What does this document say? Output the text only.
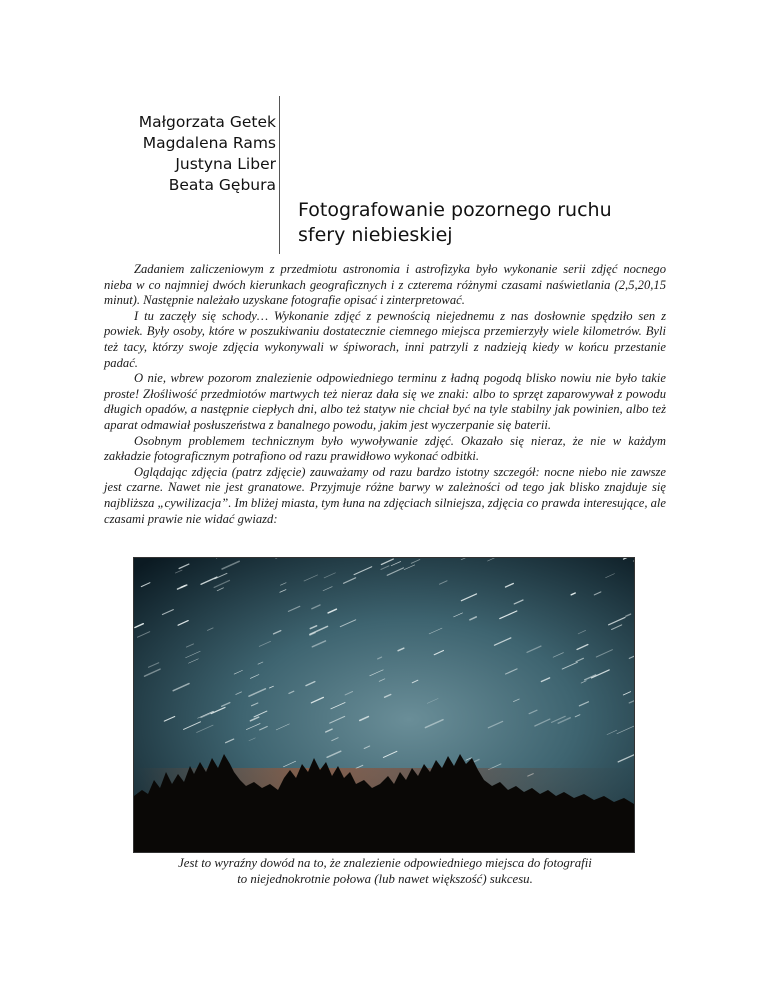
Małgorzata Getek
Magdalena Rams
Justyna Liber
Beata Gębura
Fotografowanie pozornego ruchu
sfery niebieskiej

Zadaniem zaliczeniowym z przedmiotu astronomia i astrofizyka było wykonanie serii zdjęć nocnego nieba w co najmniej dwóch kierunkach geograficznych i z czterema różnymi czasami naświetlania (2,5,20,15 minut). Następnie należało uzyskane fotografie opisać i zinterpretować.

I tu zaczęły się schody… Wykonanie zdjęć z pewnością niejednemu z nas dosłownie spędziło sen z powiek. Były osoby, które w poszukiwaniu dostatecznie ciemnego miejsca przemierzyły wiele kilometrów. Byli też tacy, którzy swoje zdjęcia wykonywali w śpiworach, inni patrzyli z nadzieją kiedy w końcu przestanie padać.

O nie, wbrew pozorom znalezienie odpowiedniego terminu z ładną pogodą blisko nowiu nie było takie proste! Złośliwość przedmiotów martwych też nieraz dała się we znaki: albo to sprzęt zaparowywał z powodu długich opadów, a następnie ciepłych dni, albo też statyw nie chciał być na tyle stabilny jak powinien, albo też aparat odmawiał posłuszeństwa z banalnego powodu, jakim jest wyczerpanie się baterii.

Osobnym problemem technicznym było wywoływanie zdjęć. Okazało się nieraz, że nie w każdym zakładzie fotograficznym potrafiono od razu prawidłowo wykonać odbitki.

Oglądając zdjęcia (patrz zdjęcie) zauważamy od razu bardzo istotny szczegół: nocne niebo nie zawsze jest czarne. Nawet nie jest granatowe. Przyjmuje różne barwy w zależności od tego jak blisko znajduje się najbliższa „cywilizacja”. Im bliżej miasta, tym łuna na zdjęciach silniejsza, zdjęcia co prawda interesujące, ale czasami prawie nie widać gwiazd:

Jest to wyraźny dowód na to, że znalezienie odpowiedniego miejsca do fotografii
to niejednokrotnie połowa (lub nawet większość) sukcesu.
